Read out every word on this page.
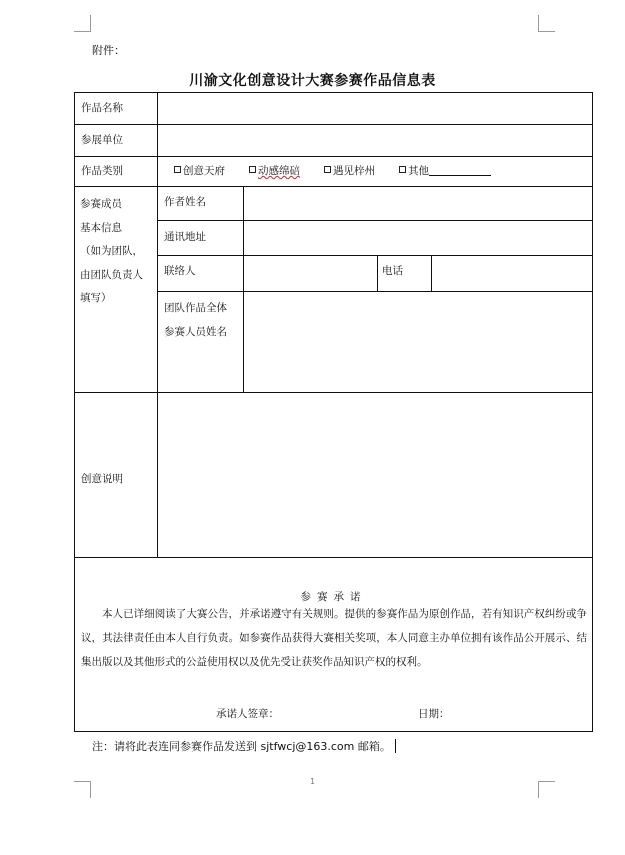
附件：
川渝文化创意设计大赛参赛作品信息表
作品名称
参展单位
作品类别	创意天府	动感绵碚	遇见梓州	其他
参赛成员
基本信息
（如为团队，
由团队负责人
填写）
作者姓名
通讯地址
联络人	电话
团队作品全体
参赛人员姓名
创意说明
参赛承诺
本人已详细阅读了大赛公告，并承诺遵守有关规则。提供的参赛作品为原创作品，若有知识产权纠纷或争议，其法律责任由本人自行负责。如参赛作品获得大赛相关奖项，本人同意主办单位拥有该作品公开展示、结集出版以及其他形式的公益使用权以及优先受让获奖作品知识产权的权利。
承诺人签章：	日期：
注：请将此表连同参赛作品发送到 sjtfwcj@163.com 邮箱。
1
